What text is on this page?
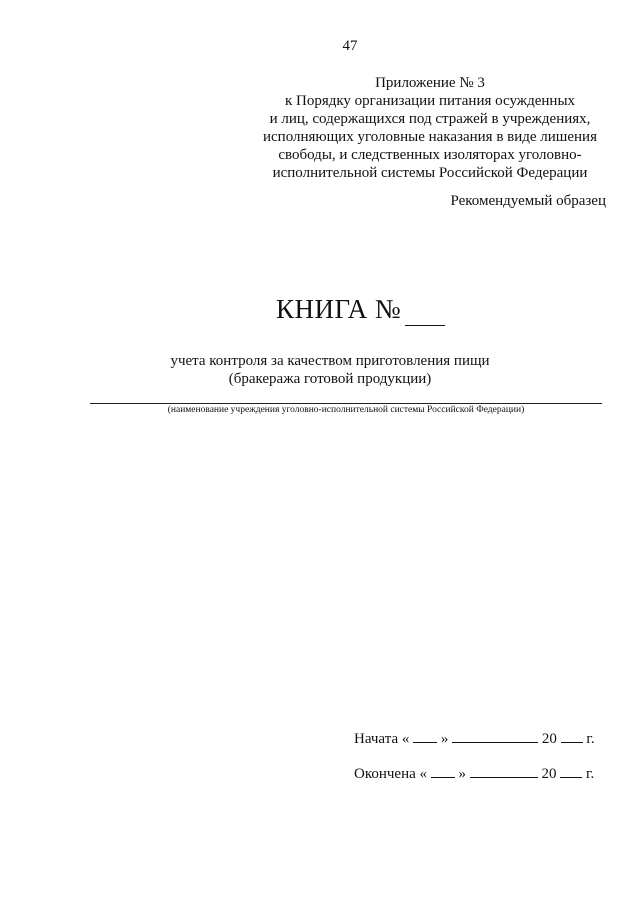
47
Приложение № 3
к Порядку организации питания осужденных
и лиц, содержащихся под стражей в учреждениях,
исполняющих уголовные наказания в виде лишения
свободы, и следственных изоляторах уголовно-
исполнительной системы Российской Федерации
Рекомендуемый образец
КНИГА №
учета контроля за качеством приготовления пищи
(бракеража готовой продукции)
(наименование учреждения уголовно-исполнительной системы Российской Федерации)
Начата « »	20 г.
Окончена « »	20 г.
